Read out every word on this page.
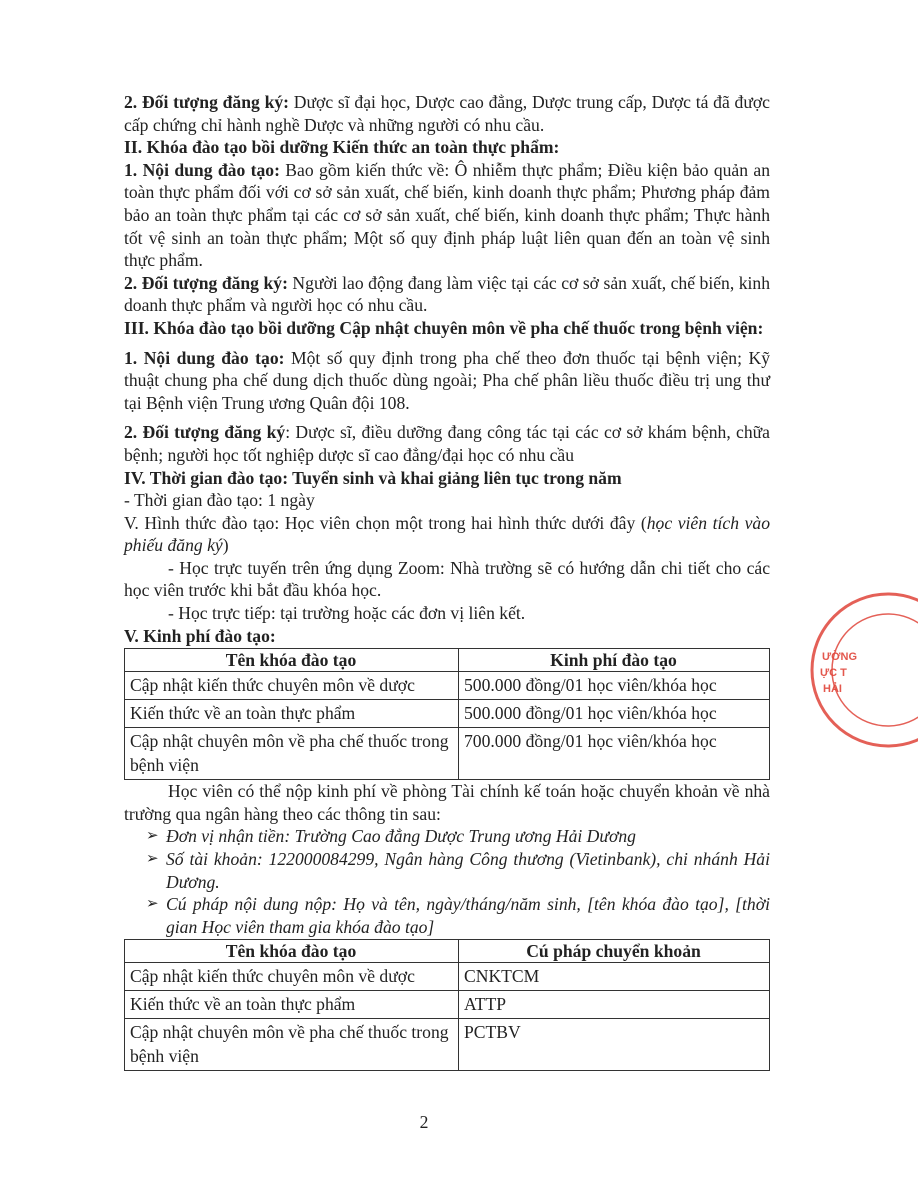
2. Đối tượng đăng ký: Dược sĩ đại học, Dược cao đẳng, Dược trung cấp, Dược tá đã được cấp chứng chỉ hành nghề Dược và những người có nhu cầu.

II. Khóa đào tạo bồi dưỡng Kiến thức an toàn thực phẩm:

1. Nội dung đào tạo: Bao gồm kiến thức về: Ô nhiễm thực phẩm; Điều kiện bảo quản an toàn thực phẩm đối với cơ sở sản xuất, chế biến, kinh doanh thực phẩm; Phương pháp đảm bảo an toàn thực phẩm tại các cơ sở sản xuất, chế biến, kinh doanh thực phẩm; Thực hành tốt vệ sinh an toàn thực phẩm; Một số quy định pháp luật liên quan đến an toàn vệ sinh thực phẩm.

2. Đối tượng đăng ký: Người lao động đang làm việc tại các cơ sở sản xuất, chế biến, kinh doanh thực phẩm và người học có nhu cầu.

III. Khóa đào tạo bồi dưỡng Cập nhật chuyên môn về pha chế thuốc trong bệnh viện:

1. Nội dung đào tạo: Một số quy định trong pha chế theo đơn thuốc tại bệnh viện; Kỹ thuật chung pha chế dung dịch thuốc dùng ngoài; Pha chế phân liều thuốc điều trị ung thư tại Bệnh viện Trung ương Quân đội 108.

2. Đối tượng đăng ký: Dược sĩ, điều dưỡng đang công tác tại các cơ sở khám bệnh, chữa bệnh; người học tốt nghiệp dược sĩ cao đẳng/đại học có nhu cầu

IV. Thời gian đào tạo: Tuyển sinh và khai giảng liên tục trong năm

- Thời gian đào tạo: 1 ngày

V. Hình thức đào tạo: Học viên chọn một trong hai hình thức dưới đây (học viên tích vào phiếu đăng ký)

- Học trực tuyến trên ứng dụng Zoom: Nhà trường sẽ có hướng dẫn chi tiết cho các học viên trước khi bắt đầu khóa học.

- Học trực tiếp: tại trường hoặc các đơn vị liên kết.

V. Kinh phí đào tạo:

Tên khóa đào tạo	Kinh phí đào tạo
Cập nhật kiến thức chuyên môn về dược	500.000 đồng/01 học viên/khóa học
Kiến thức về an toàn thực phẩm	500.000 đồng/01 học viên/khóa học
Cập nhật chuyên môn về pha chế thuốc trong bệnh viện	700.000 đồng/01 học viên/khóa học

Học viên có thể nộp kinh phí về phòng Tài chính kế toán hoặc chuyển khoản về nhà trường qua ngân hàng theo các thông tin sau:

➢ Đơn vị nhận tiền: Trường Cao đẳng Dược Trung ương Hải Dương
➢ Số tài khoản: 122000084299, Ngân hàng Công thương (Vietinbank), chi nhánh Hải Dương.
➢ Cú pháp nội dung nộp: Họ và tên, ngày/tháng/năm sinh, [tên khóa đào tạo], [thời gian Học viên tham gia khóa đào tạo]
Tên khóa đào tạo	Cú pháp chuyển khoản
Cập nhật kiến thức chuyên môn về dược	CNKTCM
Kiến thức về an toàn thực phẩm	ATTP
Cập nhật chuyên môn về pha chế thuốc trong bệnh viện	PCTBV
2
ƯỜNG
ỰC T
HẢI
